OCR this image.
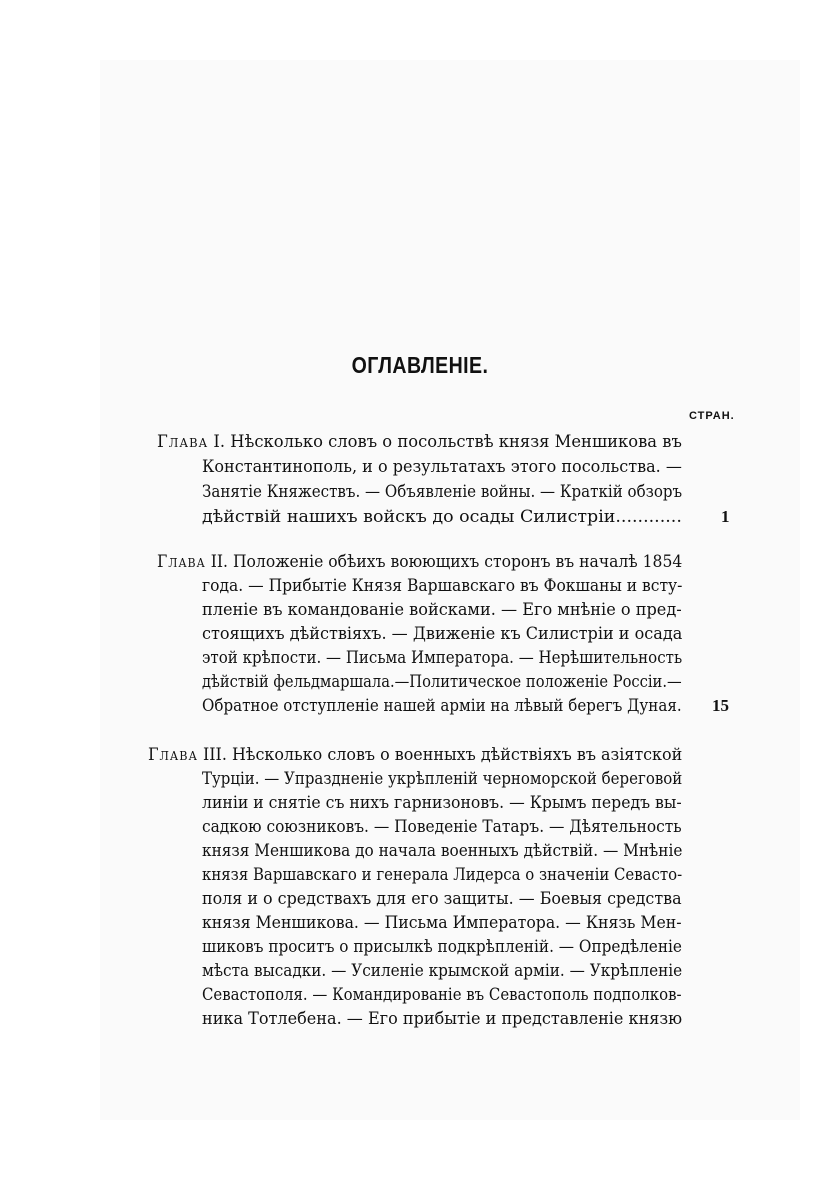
ОГЛАВЛЕНІЕ.
СТРАН.
Глава I. Нѣсколько словъ о посольствѣ князя Меншикова въ
Константинополь, и о результатахъ этого посольства. —
Занятіе Княжествъ. — Объявленіе войны. — Краткій обзоръ
дѣйствій нашихъ войскъ до осады Силистріи............ 1
Глава II. Положеніе обѣихъ воюющихъ сторонъ въ началѣ 1854
года. — Прибытіе Князя Варшавскаго въ Фокшаны и всту-
пленіе въ командованіе войсками. — Его мнѣніе о пред-
стоящихъ дѣйствіяхъ. — Движеніе къ Силистріи и осада
этой крѣпости. — Письма Императора. — Нерѣшительность
дѣйствій фельдмаршала.—Политическое положеніе Россіи.—
Обратное отступленіе нашей арміи на лѣвый берегъ Дуная. 15
Глава III. Нѣсколько словъ о военныхъ дѣйствіяхъ въ азіятской
Турціи. — Упраздненіе укрѣпленій черноморской береговой
линіи и снятіе съ нихъ гарнизоновъ. — Крымъ передъ вы-
садкою союзниковъ. — Поведеніе Татаръ. — Дѣятельность
князя Меншикова до начала военныхъ дѣйствій. — Мнѣніе
князя Варшавскаго и генерала Лидерса о значеніи Севасто-
поля и о средствахъ для его защиты. — Боевыя средства
князя Меншикова. — Письма Императора. — Князь Мен-
шиковъ проситъ о присылкѣ подкрѣпленій. — Опредѣленіе
мѣста высадки. — Усиленіе крымской арміи. — Укрѣпленіе
Севастополя. — Командированіе въ Севастополь подполков-
ника Тотлебена. — Его прибытіе и представленіе князю
